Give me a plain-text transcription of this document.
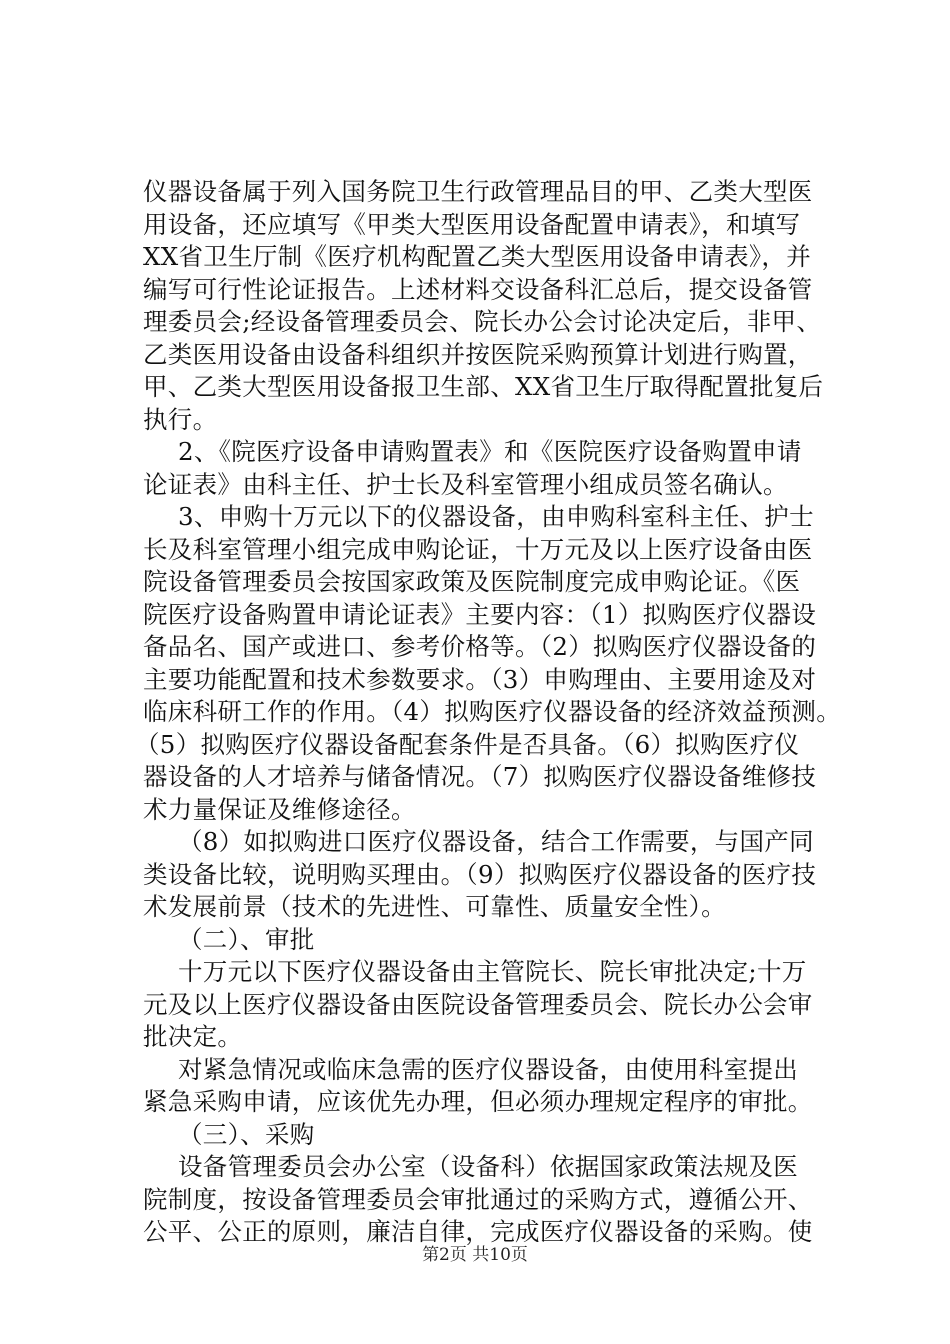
仪器设备属于列入国务院卫生行政管理品目的甲、乙类大型医
用设备，还应填写《甲类大型医用设备配置申请表》，和填写
XX省卫生厅制《医疗机构配置乙类大型医用设备申请表》，并
编写可行性论证报告。上述材料交设备科汇总后，提交设备管
理委员会;经设备管理委员会、院长办公会讨论决定后，非甲、
乙类医用设备由设备科组织并按医院采购预算计划进行购置，
甲、乙类大型医用设备报卫生部、XX省卫生厅取得配置批复后
执行。
2、《院医疗设备申请购置表》和《医院医疗设备购置申请
论证表》由科主任、护士长及科室管理小组成员签名确认。
3、申购十万元以下的仪器设备，由申购科室科主任、护士
长及科室管理小组完成申购论证，十万元及以上医疗设备由医
院设备管理委员会按国家政策及医院制度完成申购论证。《医
院医疗设备购置申请论证表》主要内容：（1）拟购医疗仪器设
备品名、国产或进口、参考价格等。（2）拟购医疗仪器设备的
主要功能配置和技术参数要求。（3）申购理由、主要用途及对
临床科研工作的作用。（4）拟购医疗仪器设备的经济效益预测。
（5）拟购医疗仪器设备配套条件是否具备。（6）拟购医疗仪
器设备的人才培养与储备情况。（7）拟购医疗仪器设备维修技
术力量保证及维修途径。
（8）如拟购进口医疗仪器设备，结合工作需要，与国产同
类设备比较，说明购买理由。（9）拟购医疗仪器设备的医疗技
术发展前景（技术的先进性、可靠性、质量安全性）。
（二）、审批
十万元以下医疗仪器设备由主管院长、院长审批决定;十万
元及以上医疗仪器设备由医院设备管理委员会、院长办公会审
批决定。
对紧急情况或临床急需的医疗仪器设备，由使用科室提出
紧急采购申请，应该优先办理，但必须办理规定程序的审批。
（三）、采购
设备管理委员会办公室（设备科）依据国家政策法规及医
院制度，按设备管理委员会审批通过的采购方式，遵循公开、
公平、公正的原则，廉洁自律，完成医疗仪器设备的采购。使
第2页 共10页
